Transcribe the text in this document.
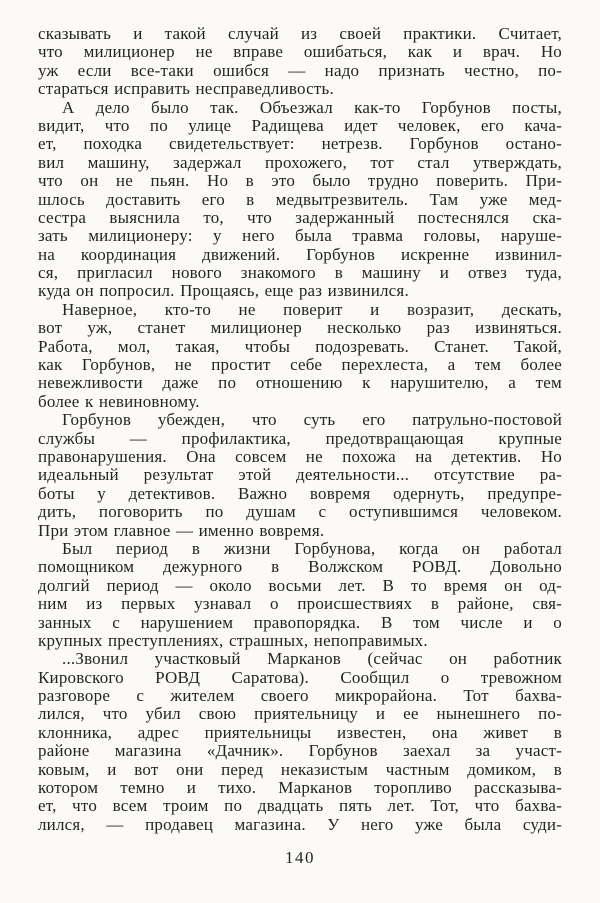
сказывать и такой случай из своей практики. Считает,
что милиционер не вправе ошибаться, как и врач. Но
уж если все-таки ошибся — надо признать честно, по-
стараться исправить несправедливость.
А дело было так. Объезжал как-то Горбунов посты,
видит, что по улице Радищева идет человек, его кача-
ет, походка свидетельствует: нетрезв. Горбунов остано-
вил машину, задержал прохожего, тот стал утверждать,
что он не пьян. Но в это было трудно поверить. При-
шлось доставить его в медвытрезвитель. Там уже мед-
сестра выяснила то, что задержанный постеснялся ска-
зать милиционеру: у него была травма головы, наруше-
на координация движений. Горбунов искренне извинил-
ся, пригласил нового знакомого в машину и отвез туда,
куда он попросил. Прощаясь, еще раз извинился.
Наверное, кто-то не поверит и возразит, дескать,
вот уж, станет милиционер несколько раз извиняться.
Работа, мол, такая, чтобы подозревать. Станет. Такой,
как Горбунов, не простит себе перехлеста, а тем более
невежливости даже по отношению к нарушителю, а тем
более к невиновному.
Горбунов убежден, что суть его патрульно-постовой
службы — профилактика, предотвращающая крупные
правонарушения. Она совсем не похожа на детектив. Но
идеальный результат этой деятельности... отсутствие ра-
боты у детективов. Важно вовремя одернуть, предупре-
дить, поговорить по душам с оступившимся человеком.
При этом главное — именно вовремя.
Был период в жизни Горбунова, когда он работал
помощником дежурного в Волжском РОВД. Довольно
долгий период — около восьми лет. В то время он од-
ним из первых узнавал о происшествиях в районе, свя-
занных с нарушением правопорядка. В том числе и о
крупных преступлениях, страшных, непоправимых.
...Звонил участковый Марканов (сейчас он работник
Кировского РОВД Саратова). Сообщил о тревожном
разговоре с жителем своего микрорайона. Тот бахва-
лился, что убил свою приятельницу и ее нынешнего по-
клонника, адрес приятельницы известен, она живет в
районе магазина «Дачник». Горбунов заехал за участ-
ковым, и вот они перед неказистым частным домиком, в
котором темно и тихо. Марканов торопливо рассказыва-
ет, что всем троим по двадцать пять лет. Тот, что бахва-
лился, — продавец магазина. У него уже была суди-
140
